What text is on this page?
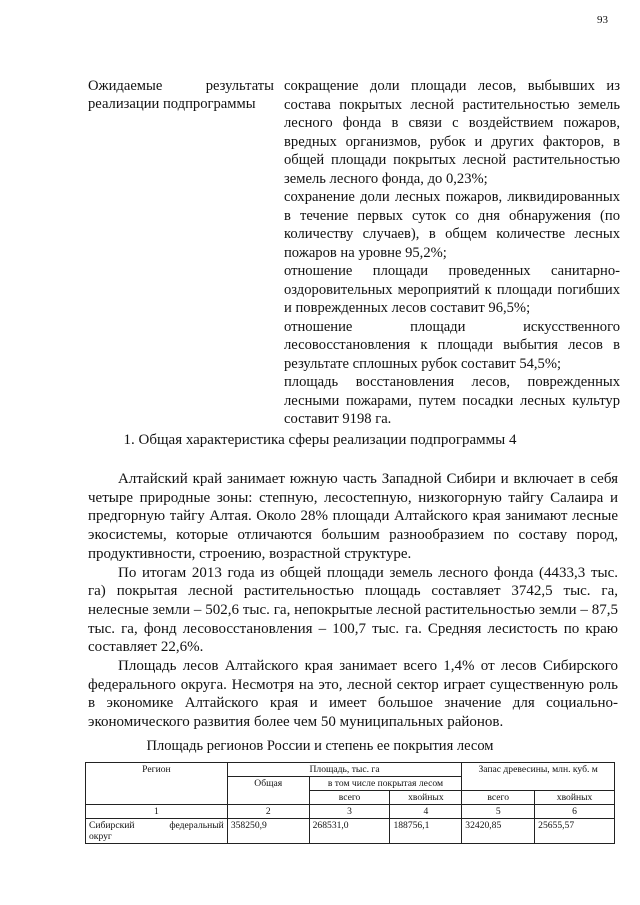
93
Ожидаемые	результаты
реализации подпрограммы

сокращение доли площади лесов, выбывших из состава покрытых лесной растительностью земель лесного фонда в связи с воздействием пожаров, вредных организмов, рубок и других факторов, в общей площади покрытых лесной растительностью земель лесного фонда, до 0,23%;

сохранение доли лесных пожаров, ликвидированных в течение первых суток со дня обнаружения (по количеству случаев), в общем количестве лесных пожаров на уровне 95,2%;

отношение площади проведенных санитарно-оздоровительных мероприятий к площади погибших и поврежденных лесов составит 96,5%;

отношение площади искусственного лесовосстановления к площади выбытия лесов в результате сплошных рубок составит 54,5%;

площадь восстановления лесов, поврежденных лесными пожарами, путем посадки лесных культур составит 9198 га.

1. Общая характеристика сферы реализации подпрограммы 4

Алтайский край занимает южную часть Западной Сибири и включает в себя четыре природные зоны: степную, лесостепную, низкогорную тайгу Салаира и предгорную тайгу Алтая. Около 28% площади Алтайского края занимают лесные экосистемы, которые отличаются большим разнообразием по составу пород, продуктивности, строению, возрастной структуре.

По итогам 2013 года из общей площади земель лесного фонда (4433,3 тыс. га) покрытая лесной растительностью площадь составляет 3742,5 тыс. га, нелесные земли – 502,6 тыс. га, непокрытые лесной растительностью земли – 87,5 тыс. га, фонд лесовосстановления – 100,7 тыс. га. Средняя лесистость по краю составляет 22,6%.

Площадь лесов Алтайского края занимает всего 1,4% от лесов Сибирского федерального округа. Несмотря на это, лесной сектор играет существенную роль в экономике Алтайского края и имеет большое значение для социально-экономического развития более чем 50 муниципальных районов.

Площадь регионов России и степень ее покрытия лесом
Регион	Площадь, тыс. га			Запас древесины, млн. куб. м	
	Общая	в том числе покрытая лесом			
		всего	хвойных	всего	хвойных
1	2	3	4	5	6

Сибирский федеральный
округ	358250,9	268531,0	188756,1	32420,85	25655,57
